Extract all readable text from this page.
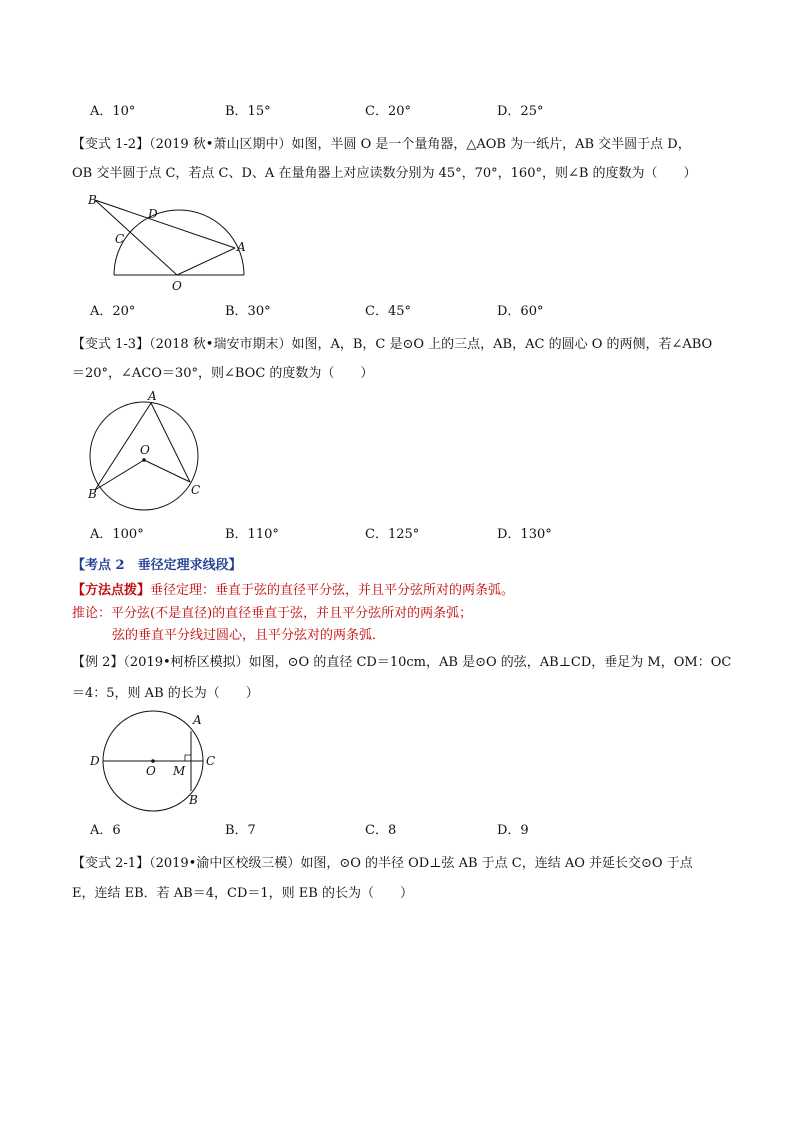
A．10°	B．15°	C．20°	D．25°
【变式 1-2】（2019 秋•萧山区期中）如图，半圆 O 是一个量角器，△AOB 为一纸片，AB 交半圆于点 D，
OB 交半圆于点 C，若点 C、D、A 在量角器上对应读数分别为 45°，70°，160°，则∠B 的度数为（　　）
B
D
C
A
O
A．20°	B．30°	C．45°	D．60°
【变式 1-3】（2018 秋•瑞安市期末）如图，A，B，C 是⊙O 上的三点，AB，AC 的圆心 O 的两侧，若∠ABO
＝20°，∠ACO＝30°，则∠BOC 的度数为（　　）
A
O
B	C
A．100°	B．110°	C．125°	D．130°
【考点 2　垂径定理求线段】
【方法点拨】垂径定理：垂直于弦的直径平分弦，并且平分弦所对的两条弧。
推论：平分弦(不是直径)的直径垂直于弦，并且平分弦所对的两条弧；
弦的垂直平分线过圆心，且平分弦对的两条弧．
【例 2】（2019•柯桥区模拟）如图，⊙O 的直径 CD＝10cm，AB 是⊙O 的弦，AB⊥CD，垂足为 M，OM：OC
＝4：5，则 AB 的长为（　　）
A
D
O M
C
B
A．6	B．7	C．8	D．9
【变式 2-1】（2019•渝中区校级三模）如图，⊙O 的半径 OD⊥弦 AB 于点 C，连结 AO 并延长交⊙O 于点
E，连结 EB．若 AB＝4，CD＝1，则 EB 的长为（　　）
